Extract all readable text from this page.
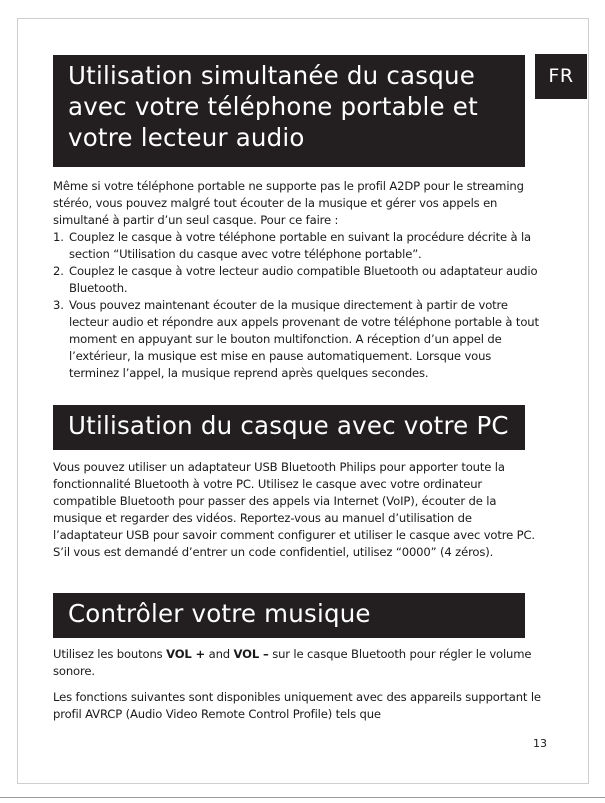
FR
Utilisation simultanée du casque avec votre téléphone portable et votre lecteur audio

Même si votre téléphone portable ne supporte pas le profil A2DP pour le streaming stéréo, vous pouvez malgré tout écouter de la musique et gérer vos appels en simultané à partir d’un seul casque. Pour ce faire :

1. Couplez le casque à votre téléphone portable en suivant la procédure décrite à la section “Utilisation du casque avec votre téléphone portable”.
2. Couplez le casque à votre lecteur audio compatible Bluetooth ou adaptateur audio Bluetooth.
3. Vous pouvez maintenant écouter de la musique directement à partir de votre lecteur audio et répondre aux appels provenant de votre téléphone portable à tout moment en appuyant sur le bouton multifonction. A réception d’un appel de l’extérieur, la musique est mise en pause automatiquement. Lorsque vous terminez l’appel, la musique reprend après quelques secondes.
Utilisation du casque avec votre PC

Vous pouvez utiliser un adaptateur USB Bluetooth Philips pour apporter toute la fonctionnalité Bluetooth à votre PC. Utilisez le casque avec votre ordinateur compatible Bluetooth pour passer des appels via Internet (VoIP), écouter de la musique et regarder des vidéos. Reportez-vous au manuel d’utilisation de l’adaptateur USB pour savoir comment configurer et utiliser le casque avec votre PC. S’il vous est demandé d’entrer un code confidentiel, utilisez “0000” (4 zéros).

Contrôler votre musique

Utilisez les boutons VOL + and VOL – sur le casque Bluetooth pour régler le volume sonore.

Les fonctions suivantes sont disponibles uniquement avec des appareils supportant le profil AVRCP (Audio Video Remote Control Profile) tels que

13
